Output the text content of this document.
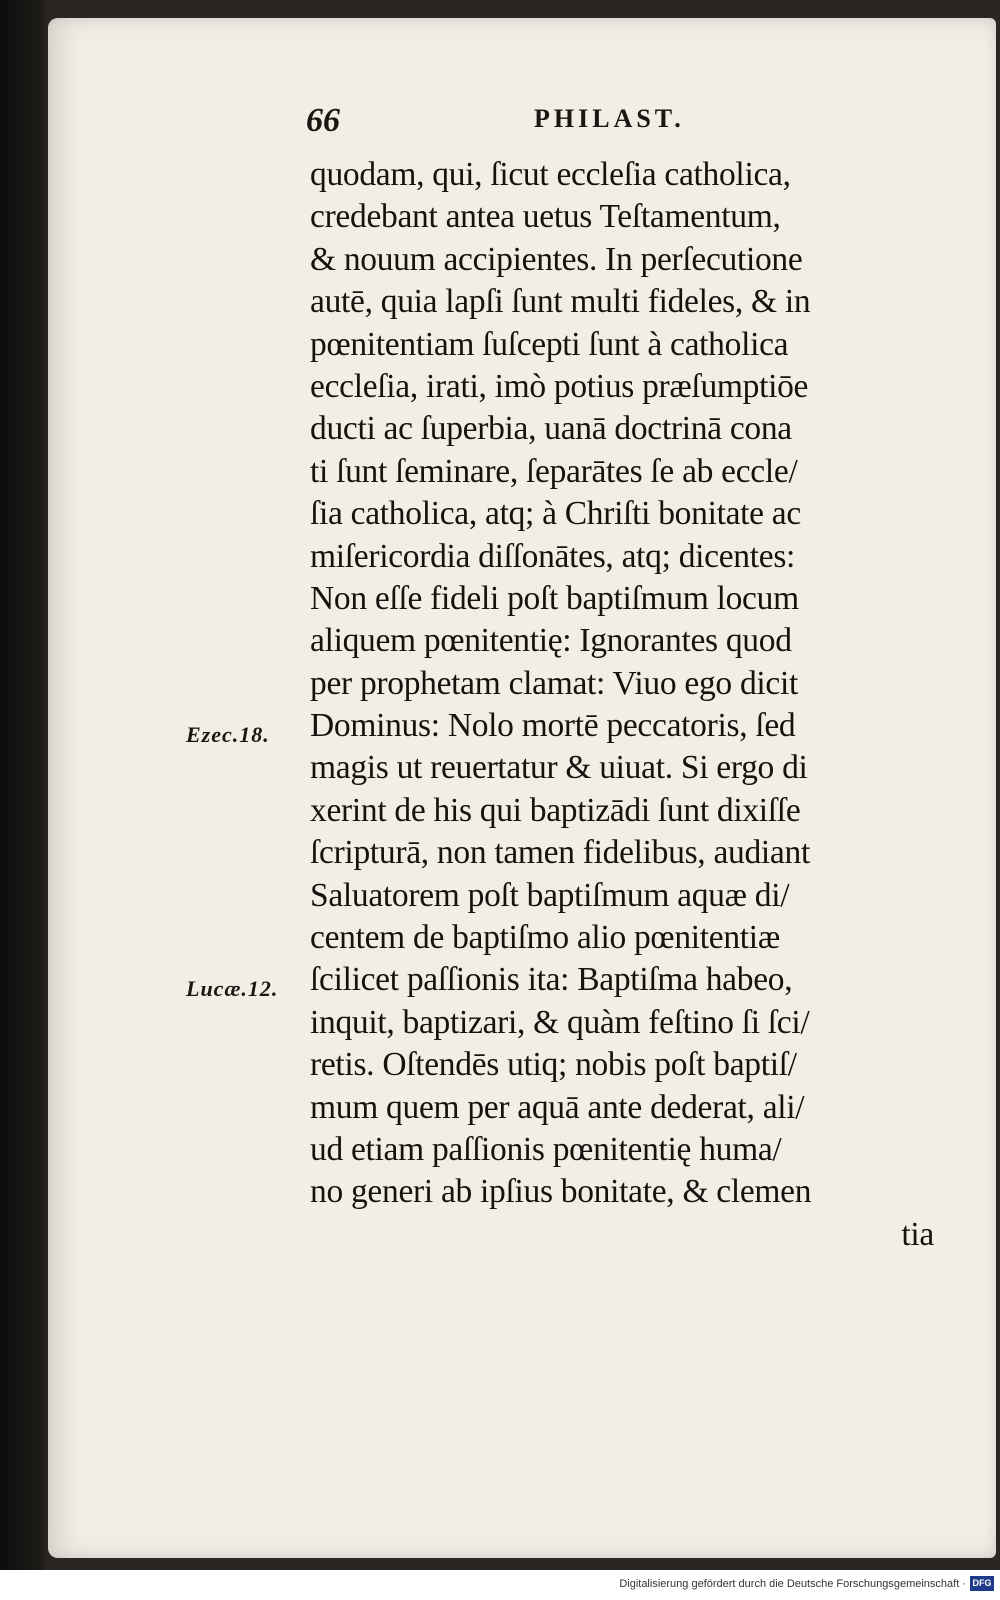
66	PHILAST.
quodam, qui, ſicut eccleſia catholica,
credebant antea uetus Teſtamentum,
& nouum accipientes. In perſecutione
autē, quia lapſi ſunt multi fideles, & in
pœnitentiam ſuſcepti ſunt à catholica
eccleſia, irati, imò potius præſumptiōe
ducti ac ſuperbia, uanā doctrinā cona
ti ſunt ſeminare, ſeparātes ſe ab eccle/
ſia catholica, atq; à Chriſti bonitate ac
miſericordia diſſonātes, atq; dicentes:
Non eſſe fideli poſt baptiſmum locum
aliquem pœnitentię: Ignorantes quod
per prophetam clamat: Viuo ego dicit
Dominus: Nolo mortē peccatoris, ſed
magis ut reuertatur & uiuat. Si ergo di
xerint de his qui baptizādi ſunt dixiſſe
ſcripturā, non tamen fidelibus, audiant
Saluatorem poſt baptiſmum aquæ di/
centem de baptiſmo alio pœnitentiæ
ſcilicet paſſionis ita: Baptiſma habeo,
inquit, baptizari, & quàm feſtino ſi ſci/
retis. Oſtendēs utiq; nobis poſt baptiſ/
mum quem per aquā ante dederat, ali/
ud etiam paſſionis pœnitentię huma/
no generi ab ipſius bonitate, & clemen
tia
Ezec.18.
Lucæ.12.
Digitalisierung gefördert durch die Deutsche Forschungsgemeinschaft · DFG
